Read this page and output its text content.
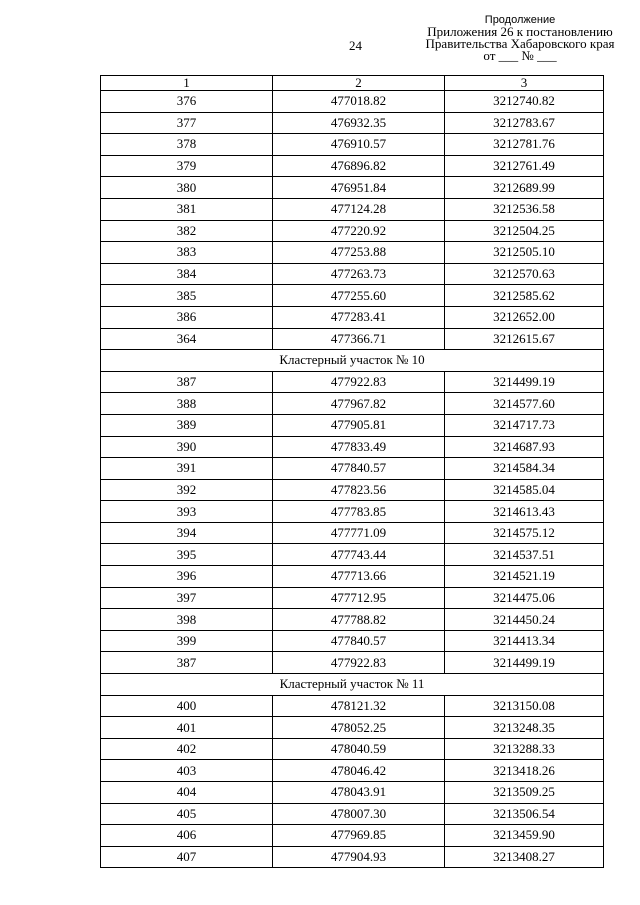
24
Продолжение
Приложения 26 к постановлению
Правительства Хабаровского края
от ___ № ___
1	2	3
376	477018.82	3212740.82
377	476932.35	3212783.67
378	476910.57	3212781.76
379	476896.82	3212761.49
380	476951.84	3212689.99
381	477124.28	3212536.58
382	477220.92	3212504.25
383	477253.88	3212505.10
384	477263.73	3212570.63
385	477255.60	3212585.62
386	477283.41	3212652.00
364	477366.71	3212615.67
Кластерный участок № 10		
387	477922.83	3214499.19
388	477967.82	3214577.60
389	477905.81	3214717.73
390	477833.49	3214687.93
391	477840.57	3214584.34
392	477823.56	3214585.04
393	477783.85	3214613.43
394	477771.09	3214575.12
395	477743.44	3214537.51
396	477713.66	3214521.19
397	477712.95	3214475.06
398	477788.82	3214450.24
399	477840.57	3214413.34
387	477922.83	3214499.19
Кластерный участок № 11		
400	478121.32	3213150.08
401	478052.25	3213248.35
402	478040.59	3213288.33
403	478046.42	3213418.26
404	478043.91	3213509.25
405	478007.30	3213506.54
406	477969.85	3213459.90
407	477904.93	3213408.27
